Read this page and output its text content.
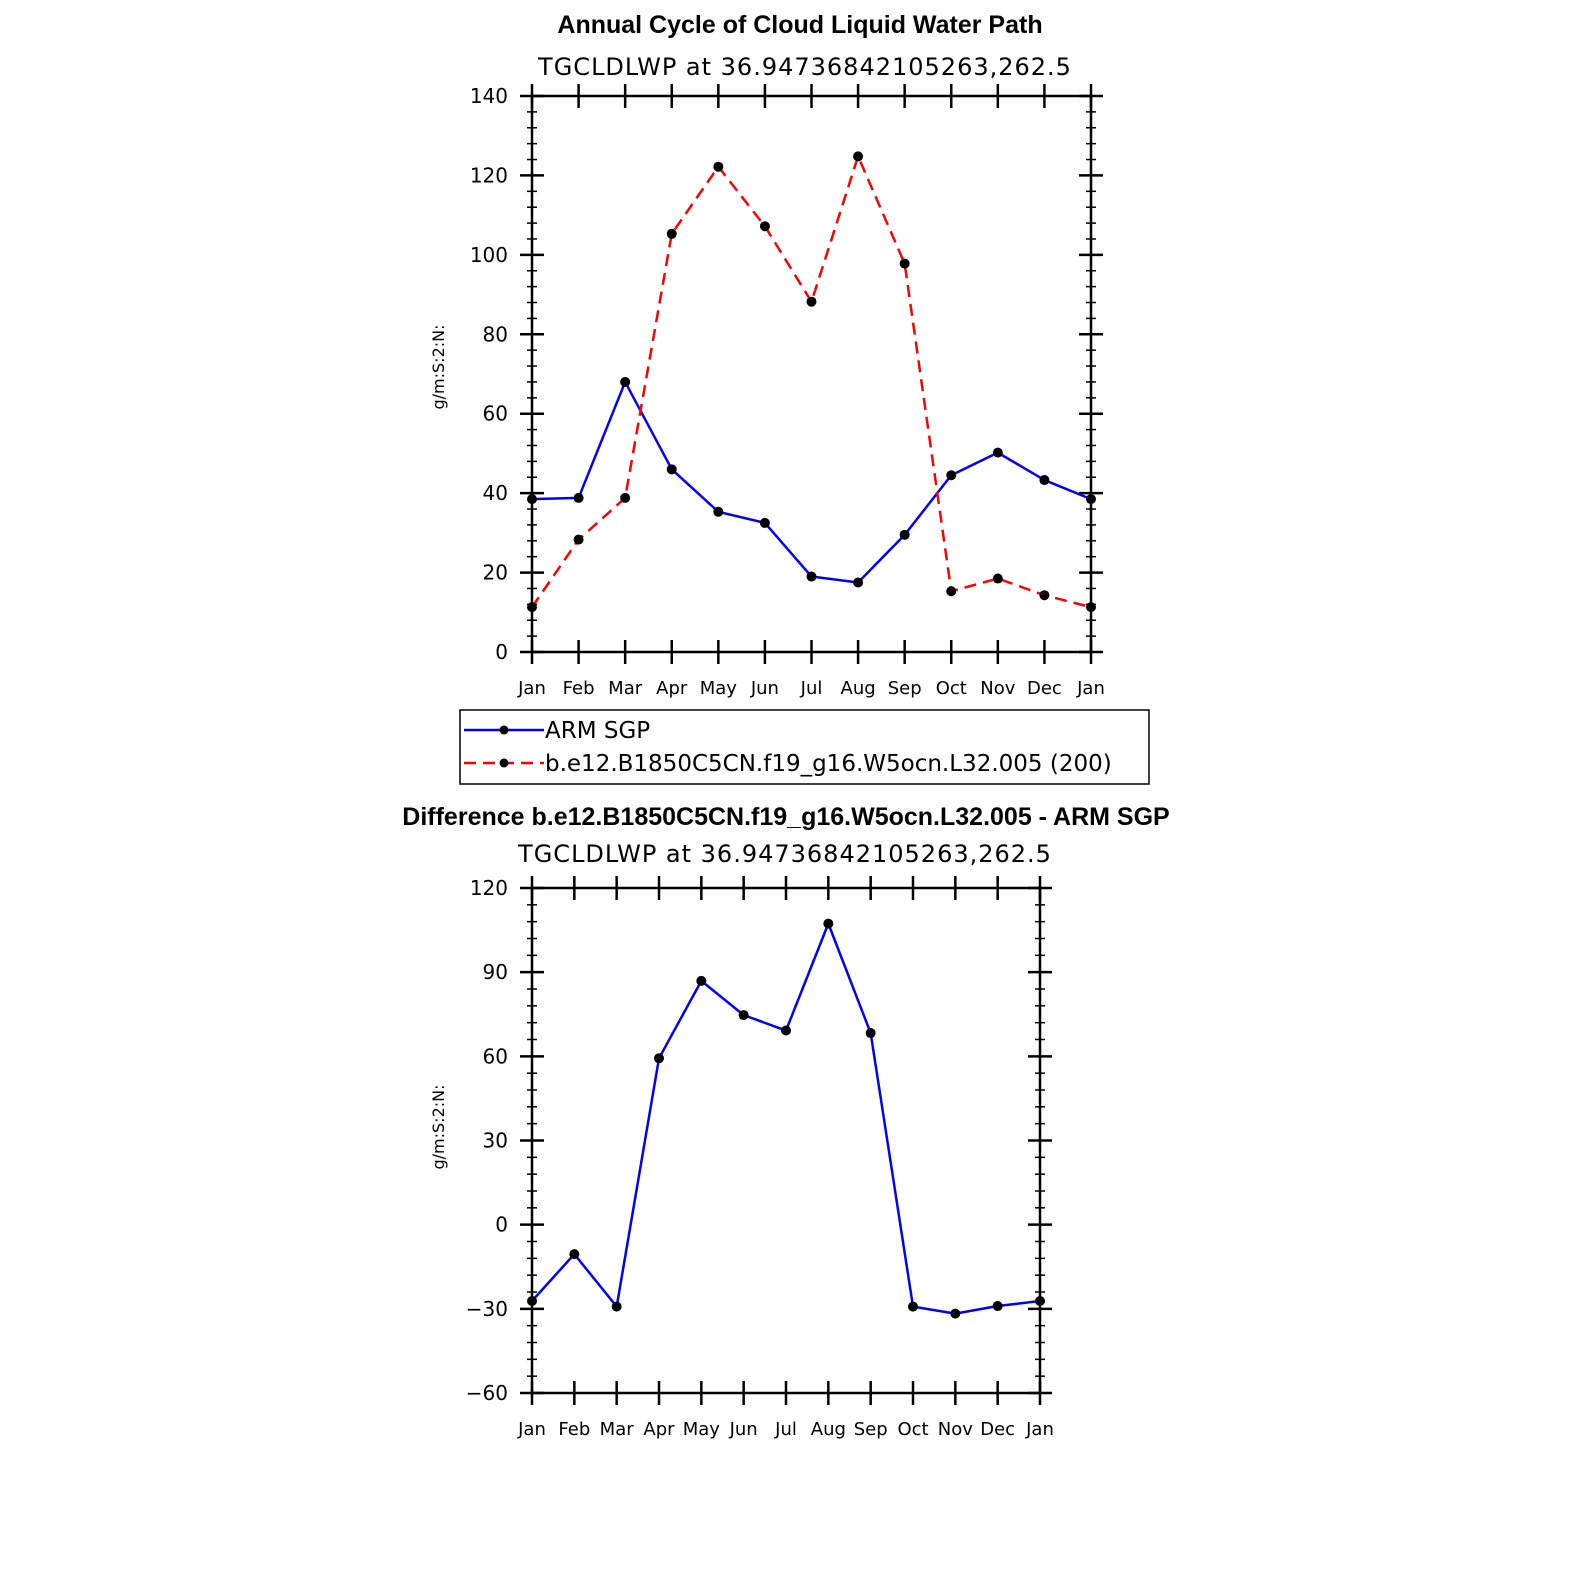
Annual Cycle of Cloud Liquid Water Path
TGCLDLWP at 36.94736842105263,262.5
g/m:S:2:N:
0
20
40
60
80
100
120
140
Jan Feb Mar Apr May Jun Jul Aug Sep Oct Nov Dec Jan
ARM SGP
b.e12.B1850C5CN.f19_g16.W5ocn.L32.005 (200)
Difference b.e12.B1850C5CN.f19_g16.W5ocn.L32.005 - ARM SGP
TGCLDLWP at 36.94736842105263,262.5
g/m:S:2:N:
−60
−30
0
30
60
90
120
Jan Feb Mar Apr May Jun Jul Aug Sep Oct Nov Dec Jan
